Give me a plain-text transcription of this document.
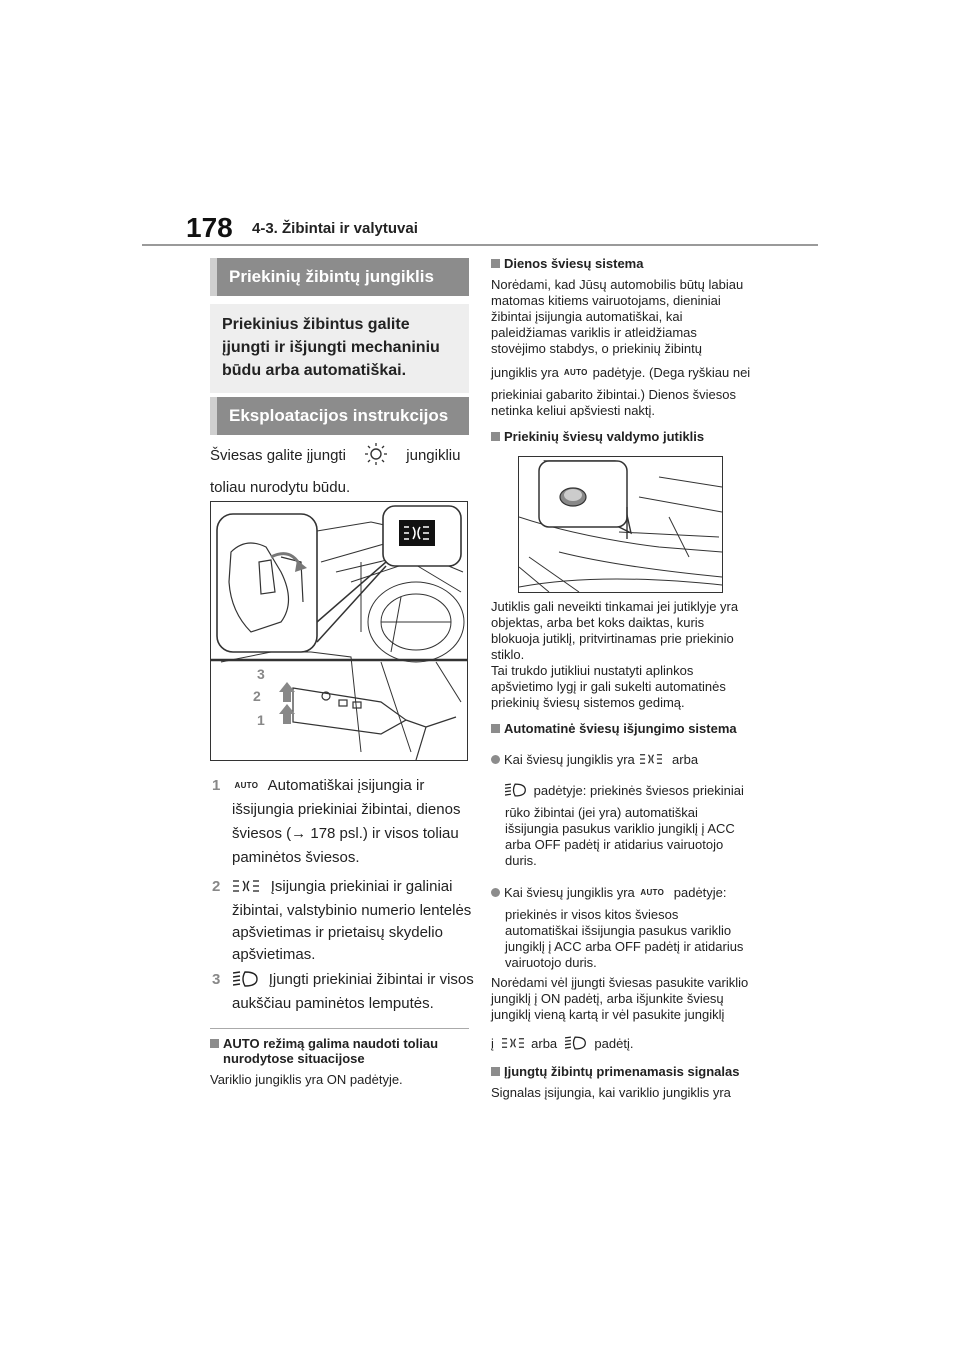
178 4-3. Žibintai ir valytuvai
Priekinių žibintų jungiklis
Priekinius žibintus galite įjungti ir išjungti mechaniniu būdu arba automatiškai.
Eksploatacijos instrukcijos
Šviesas galite įjungti	jungikliu
toliau nurodytu būdu.
3
2
1
1 AUTO Automatiškai įsijungia ir
išsijungia priekiniai žibintai, dienos
šviesos (→ 178 psl.) ir visos toliau
paminėtos šviesos.
2	Įsijungia priekiniai ir galiniai
žibintai, valstybinio numerio lentelės
apšvietimas ir prietaisų skydelio
apšvietimas.
3	Įjungti priekiniai žibintai ir visos
aukščiau paminėtos lemputės.
AUTO režimą galima naudoti toliau
nurodytose situacijose
Variklio jungiklis yra ON padėtyje.
Dienos šviesų sistema
Norėdami, kad Jūsų automobilis būtų labiau
matomas kitiems vairuotojams, dieniniai
žibintai įsijungia automatiškai, kai
paleidžiamas variklis ir atleidžiamas
stovėjimo stabdys, o priekinių žibintų
jungiklis yra AUTO padėtyje. (Dega ryškiau nei
priekiniai gabarito žibintai.) Dienos šviesos
netinka keliui apšviesti naktį.
Priekinių šviesų valdymo jutiklis
Jutiklis gali neveikti tinkamai jei jutiklyje yra
objektas, arba bet koks daiktas, kuris
blokuoja jutiklį, pritvirtinamas prie priekinio
stiklo.
Tai trukdo jutikliui nustatyti aplinkos
apšvietimo lygį ir gali sukelti automatinės
priekinių šviesų sistemos gedimą.
Automatinė šviesų išjungimo sistema
Kai šviesų jungiklis yra	arba
padėtyje: priekinės šviesos priekiniai
rūko žibintai (jei yra) automatiškai
išsijungia pasukus variklio jungiklį į ACC
arba OFF padėtį ir atidarius vairuotojo
duris.
Kai šviesų jungiklis yra AUTO padėtyje:
priekinės ir visos kitos šviesos
automatiškai išsijungia pasukus variklio
jungiklį į ACC arba OFF padėtį ir atidarius
vairuotojo duris.
Norėdami vėl įjungti šviesas pasukite variklio
jungiklį į ON padėtį, arba išjunkite šviesų
jungiklį vieną kartą ir vėl pasukite jungiklį
į	arba	padėtį.
Įjungtų žibintų primenamasis signalas
Signalas įsijungia, kai variklio jungiklis yra
